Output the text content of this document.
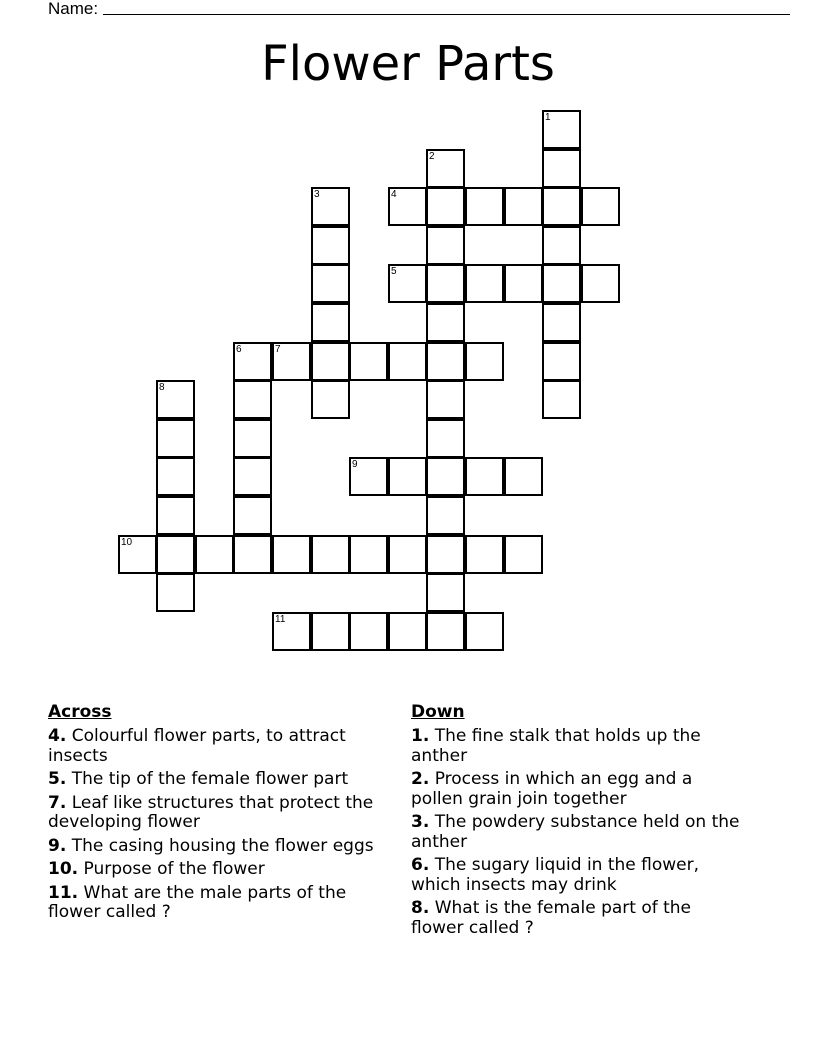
Name:
Flower Parts
1
2
3	4
5
6	7
8
9
10
11
Across
4. Colourful flower parts, to attract insects
5. The tip of the female flower part
7. Leaf like structures that protect the developing flower
9. The casing housing the flower eggs
10. Purpose of the flower
11. What are the male parts of the flower called ?
Down
1. The fine stalk that holds up the anther
2. Process in which an egg and a pollen grain join together
3. The powdery substance held on the anther
6. The sugary liquid in the flower, which insects may drink
8. What is the female part of the flower called ?
